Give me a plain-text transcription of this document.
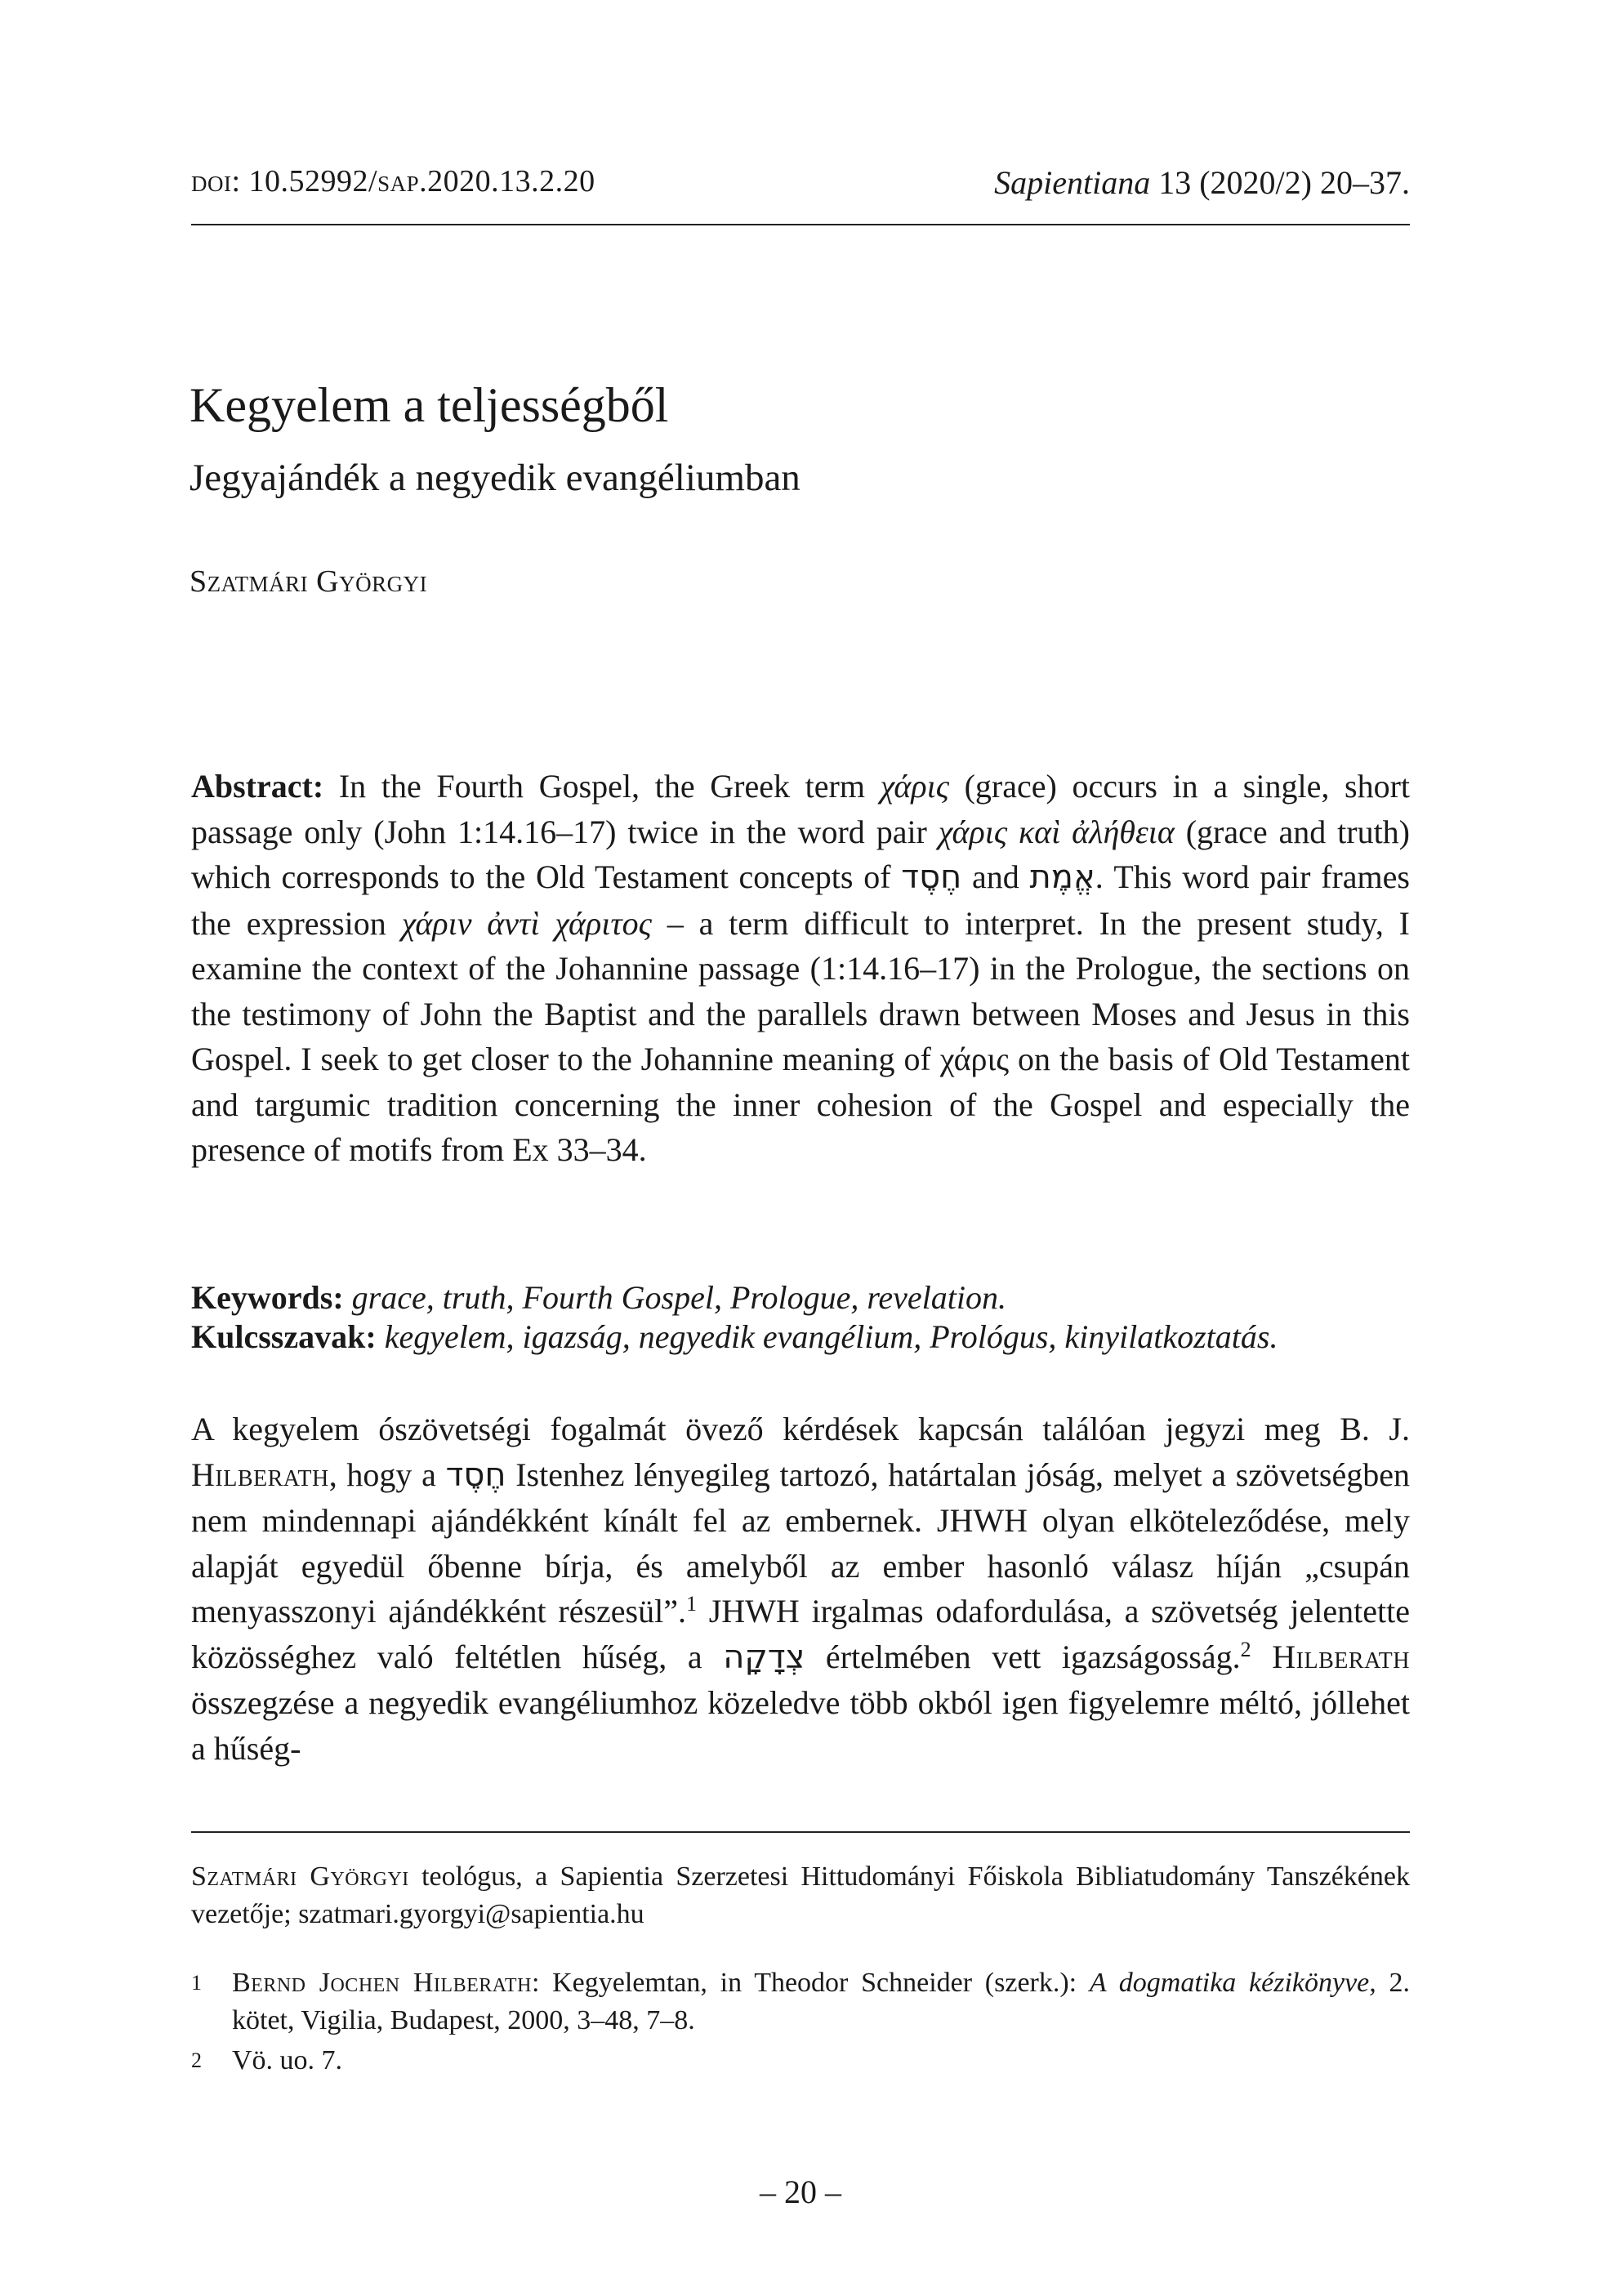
doi: 10.52992/sap.2020.13.2.20	Sapientiana 13 (2020/2) 20–37.
Kegyelem a teljességből
Jegyajándék a negyedik evangéliumban
Szatmári Györgyi
Abstract: In the Fourth Gospel, the Greek term χάρις (grace) occurs in a single, short passage only (John 1:14.16–17) twice in the word pair χάρις καὶ ἀλήθεια (grace and truth) which corresponds to the Old Testament concepts of חֶסֶד and אֱמֶת. This word pair frames the expression χάριν ἀντὶ χάριτος – a term difficult to interpret. In the present study, I examine the context of the Johannine passage (1:14.16–17) in the Prologue, the sections on the testimony of John the Baptist and the parallels drawn between Moses and Jesus in this Gospel. I seek to get closer to the Johannine meaning of χάρις on the basis of Old Testament and targumic tradition concerning the inner cohesion of the Gospel and especially the presence of motifs from Ex 33–34.
Keywords: grace, truth, Fourth Gospel, Prologue, revelation.
Kulcsszavak: kegyelem, igazság, negyedik evangélium, Prológus, kinyilatkoztatás.
A kegyelem ószövetségi fogalmát övező kérdések kapcsán találóan jegyzi meg B. J. Hilberath, hogy a חֶסֶד Istenhez lényegileg tartozó, határtalan jóság, melyet a szövetségben nem mindennapi ajándékként kínált fel az embernek. JHWH olyan elköteleződése, mely alapját egyedül őbenne bírja, és amelyből az ember hasonló válasz híján „csupán menyasszonyi ajándékként részesül”.$^1$ JHWH irgalmas odafordulása, a szövetség jelentette közösséghez való feltétlen hűség, a צְדָקָה értelmében vett igazságosság.$^2$ Hilberath összegzése a negyedik evangéliumhoz közeledve több okból igen figyelemre méltó, jóllehet a hűség-
Szatmári Györgyi teológus, a Sapientia Szerzetesi Hittudományi Főiskola Bibliatudomány Tanszékének vezetője; szatmari.gyorgyi@sapientia.hu
1 Bernd Jochen Hilberath: Kegyelemtan, in Theodor Schneider (szerk.): A dogmatika kézikönyve, 2. kötet, Vigilia, Budapest, 2000, 3–48, 7–8.
2 Vö. uo. 7.
– 20 –
